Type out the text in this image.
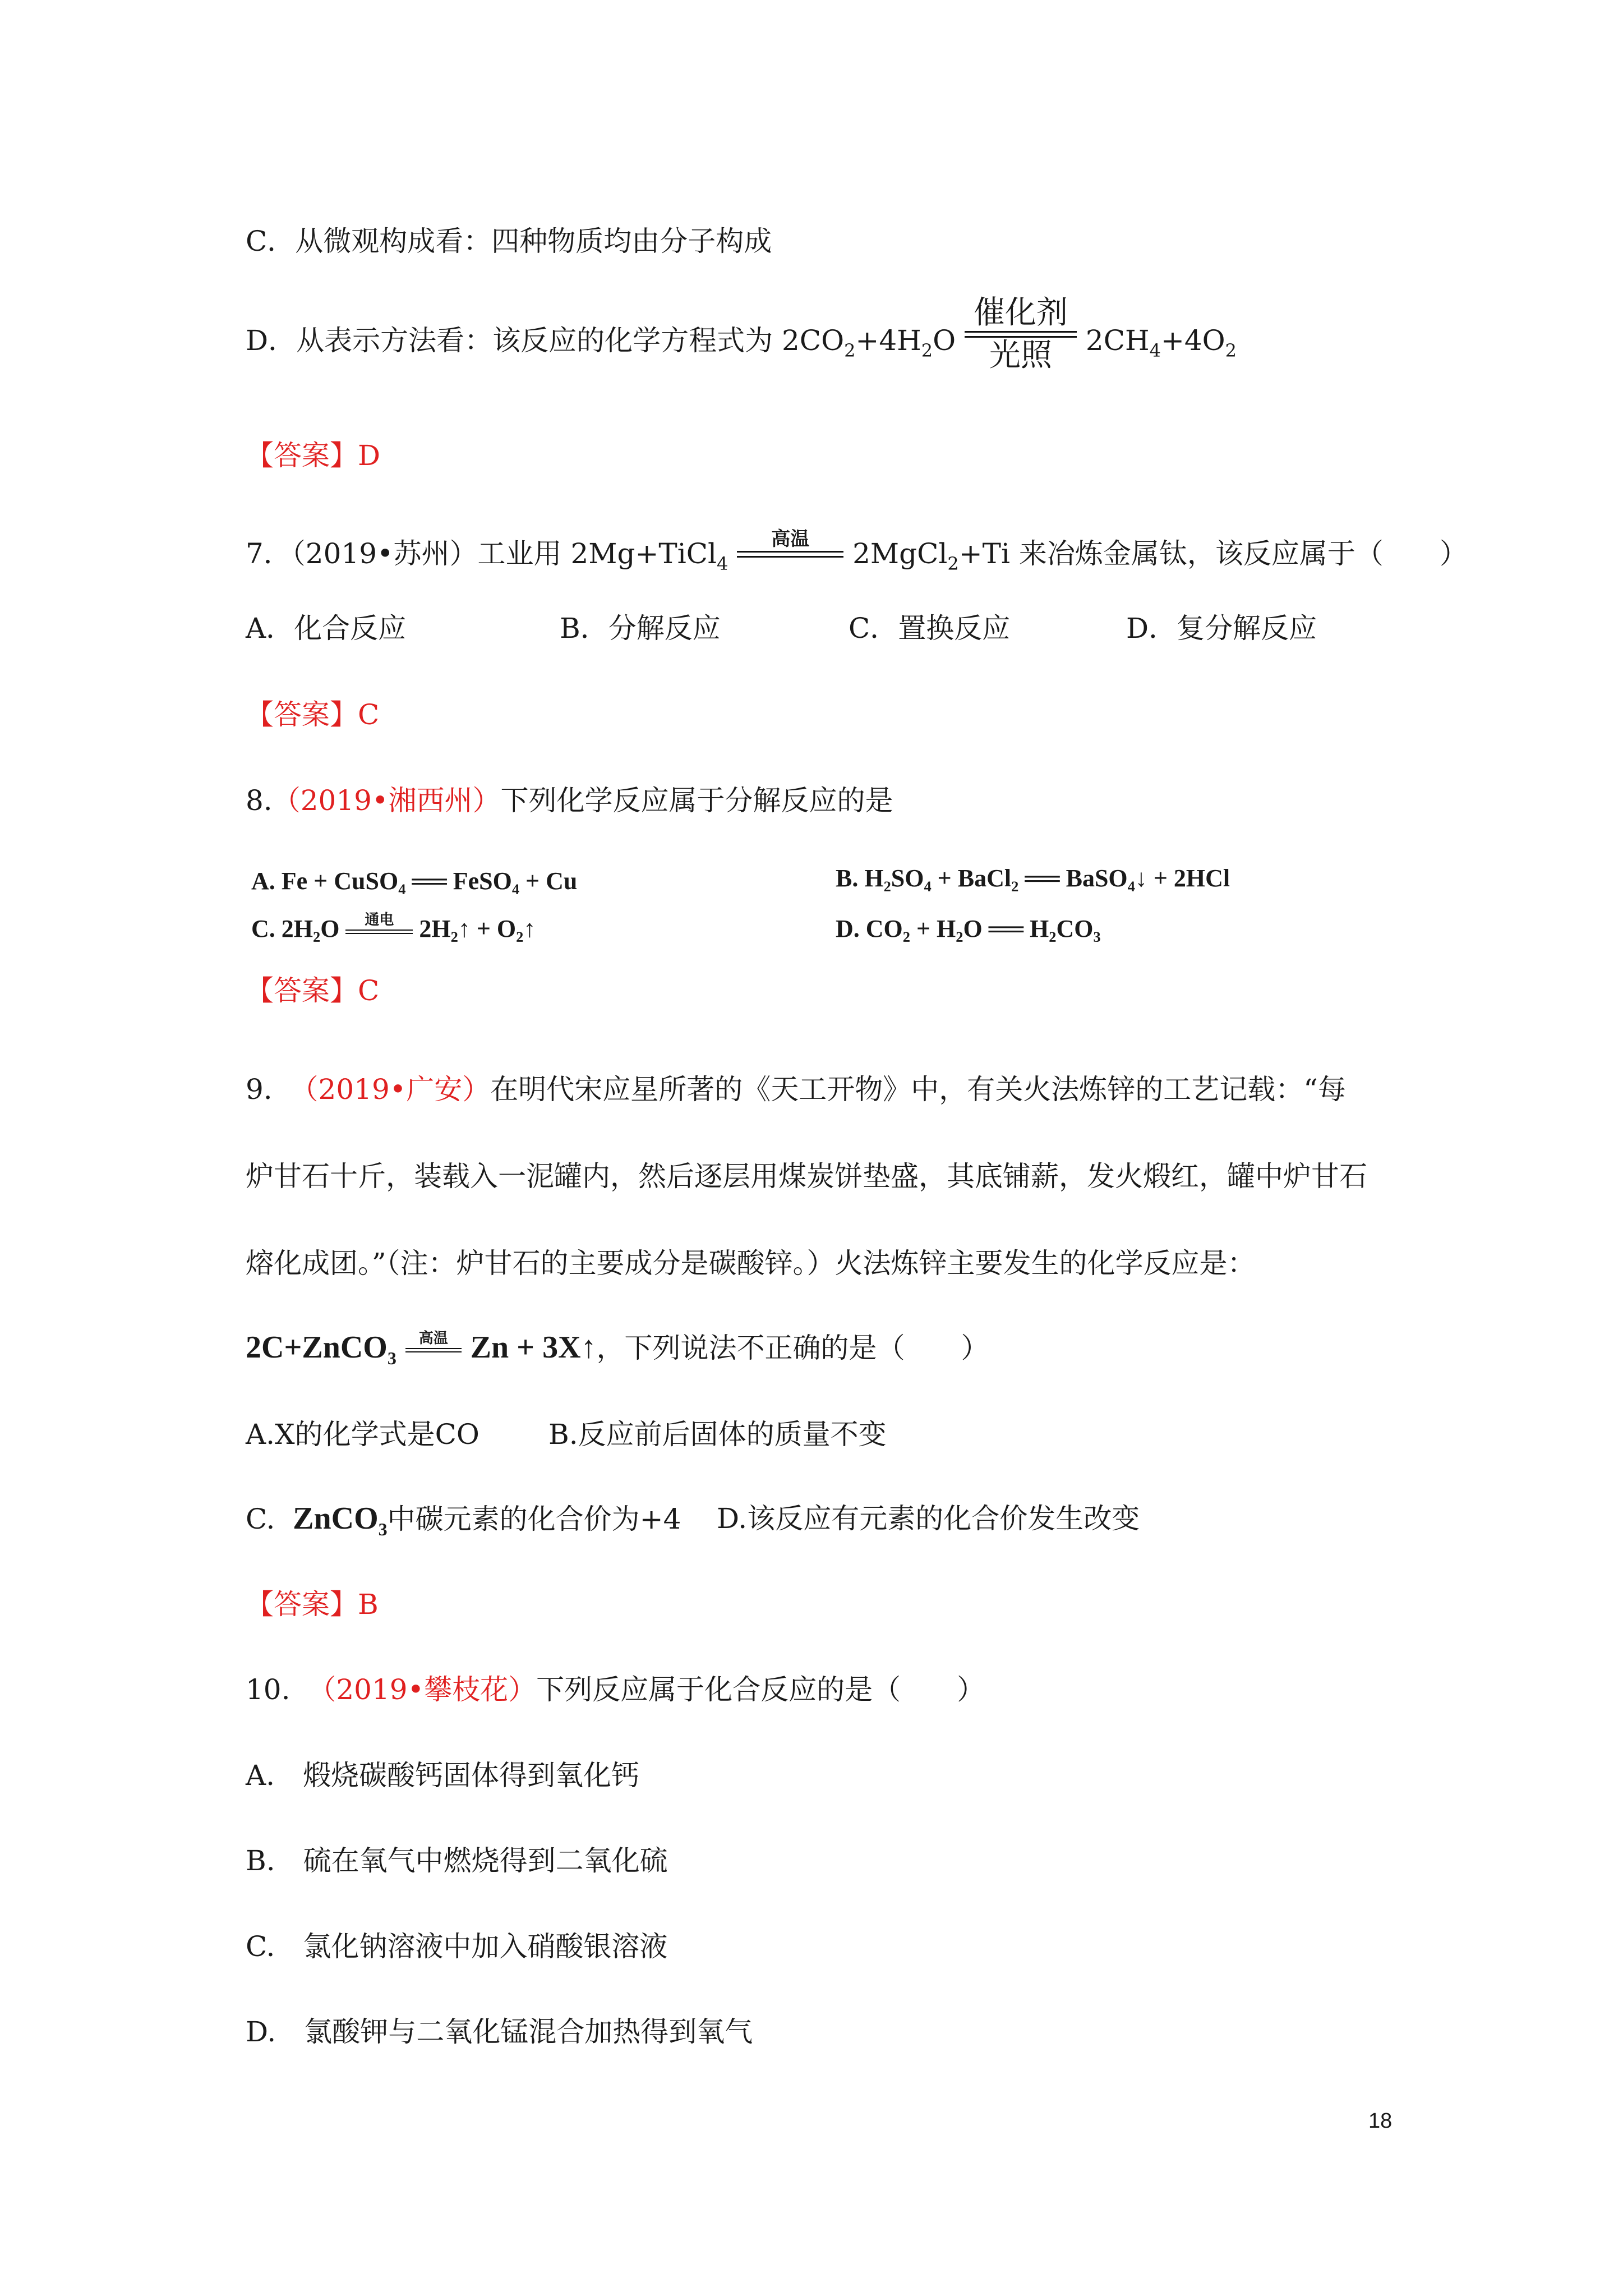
C．从微观构成看：四种物质均由分子构成
D．从表示方法看：该反应的化学方程式为 $2CO_2+4H_2O$
催化剂
光照	$2CH_4+4O_2$
【答案】D
7．（2019•苏州）工业用 2Mg+TiCl$_4$
高温	2MgCl$_2$+Ti 来冶炼金属钛，该反应属于（　　）
A．化合反应	B．分解反应	C．置换反应	D．复分解反应
【答案】C
8.（2019•湘西州）下列化学反应属于分解反应的是
A. Fe + CuSO₄ ══ FeSO₄ + Cu	B. H₂SO₄ + BaCl₂ ══ BaSO₄↓ + 2HCl
C. 2H₂O	通电	2H₂↑ + O₂↑	D. CO₂ + H₂O ══ H₂CO₃
【答案】C
9. （2019•广安）在明代宋应星所著的《天工开物》中，有关火法炼锌的工艺记载：“每
炉甘石十斤，装载入一泥罐内，然后逐层用煤炭饼垫盛，其底铺薪，发火煅红，罐中炉甘石
熔化成团。”（注：炉甘石的主要成分是碳酸锌。）火法炼锌主要发生的化学反应是：
2C+ZnCO$_3$
高温 Zn + 3X↑，下列说法不正确的是（　　）
A.X的化学式是CO B.反应前后固体的质量不变
C. ZnCO$_3$中碳元素的化合价为+4 D.该反应有元素的化合价发生改变
【答案】B
10. （2019•攀枝花）下列反应属于化合反应的是（　　）
A.　煅烧碳酸钙固体得到氧化钙
B.　硫在氧气中燃烧得到二氧化硫
C.　氯化钠溶液中加入硝酸银溶液
D.　氯酸钾与二氧化锰混合加热得到氧气
18
